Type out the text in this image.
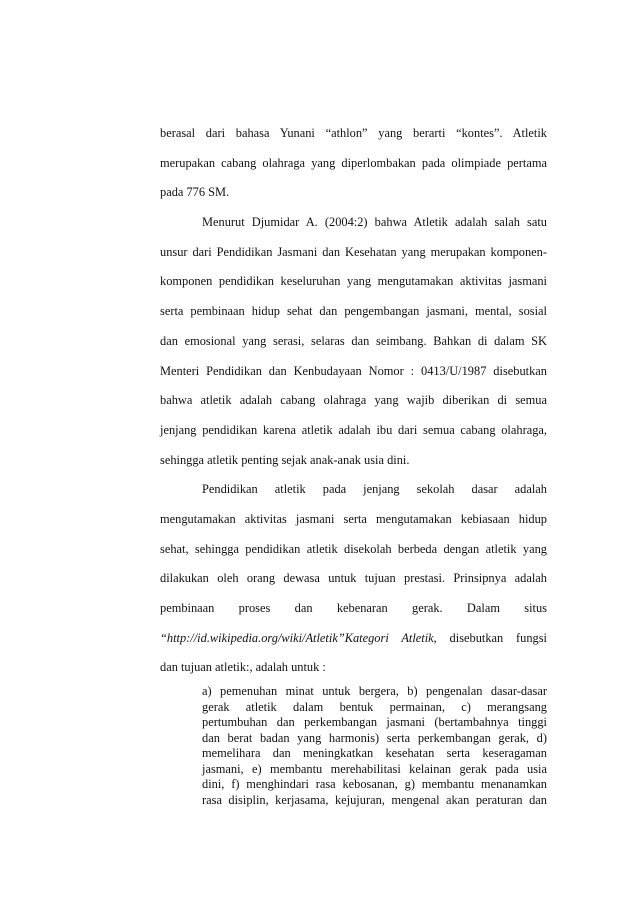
berasal dari bahasa Yunani “athlon” yang berarti “kontes”. Atletik
merupakan cabang olahraga yang diperlombakan pada olimpiade pertama
pada 776 SM.
Menurut Djumidar A. (2004:2) bahwa Atletik adalah salah satu
unsur dari Pendidikan Jasmani dan Kesehatan yang merupakan komponen-
komponen pendidikan keseluruhan yang mengutamakan aktivitas jasmani
serta pembinaan hidup sehat dan pengembangan jasmani, mental, sosial
dan emosional yang serasi, selaras dan seimbang. Bahkan di dalam SK
Menteri Pendidikan dan Kenbudayaan Nomor : 0413/U/1987 disebutkan
bahwa atletik adalah cabang olahraga yang wajib diberikan di semua
jenjang pendidikan karena atletik adalah ibu dari semua cabang olahraga,
sehingga atletik penting sejak anak-anak usia dini.
Pendidikan atletik pada jenjang sekolah dasar adalah
mengutamakan aktivitas jasmani serta mengutamakan kebiasaan hidup
sehat, sehingga pendidikan atletik disekolah berbeda dengan atletik yang
dilakukan oleh orang dewasa untuk tujuan prestasi. Prinsipnya adalah
pembinaan proses dan kebenaran gerak. Dalam situs
“http://id.wikipedia.org/wiki/Atletik”Kategori Atletik, disebutkan fungsi
dan tujuan atletik:, adalah untuk :
a) pemenuhan minat untuk bergera, b) pengenalan dasar-dasar
gerak atletik dalam bentuk permainan, c) merangsang
pertumbuhan dan perkembangan jasmani (bertambahnya tinggi
dan berat badan yang harmonis) serta perkembangan gerak, d)
memelihara dan meningkatkan kesehatan serta keseragaman
jasmani, e) membantu merehabilitasi kelainan gerak pada usia
dini, f) menghindari rasa kebosanan, g) membantu menanamkan
rasa disiplin, kerjasama, kejujuran, mengenal akan peraturan dan
